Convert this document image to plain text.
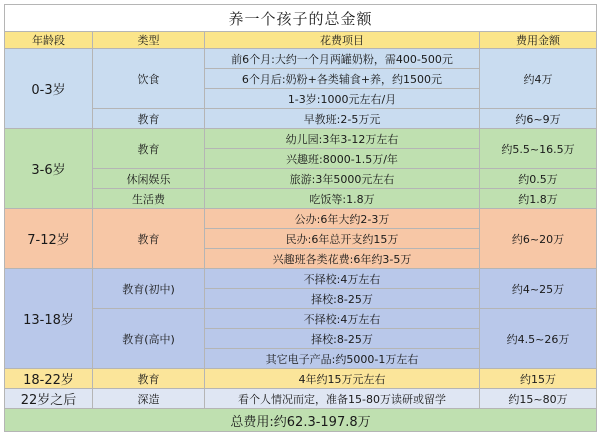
养一个孩子的总金额			
年龄段	类型	花费项目	费用金额
0-3岁	饮食	前6个月:大约一个月两罐奶粉，需400-500元	约4万
		6个月后:奶粉+各类辅食+养，约1500元	
		1-3岁:1000元左右/月	
	教育	早教班:2-5万元	约6~9万
3-6岁	教育	幼儿园:3年3-12万左右	约5.5~16.5万
		兴趣班:8000-1.5万/年	
	休闲娱乐	旅游:3年5000元左右	约0.5万
	生活费	吃饭等:1.8万	约1.8万
7-12岁	教育	公办:6年大约2-3万	约6~20万
		民办:6年总开支约15万	
		兴趣班各类花费:6年约3-5万	
13-18岁	教育(初中)	不择校:4万左右	约4~25万
		择校:8-25万	
	教育(高中)	不择校:4万左右	约4.5~26万
		择校:8-25万	
		其它电子产品:约5000-1万左右	
18-22岁	教育	4年约15万元左右	约15万
22岁之后	深造	看个人情况而定，准备15-80万读研或留学	约15~80万
总费用:约62.3-197.8万			
